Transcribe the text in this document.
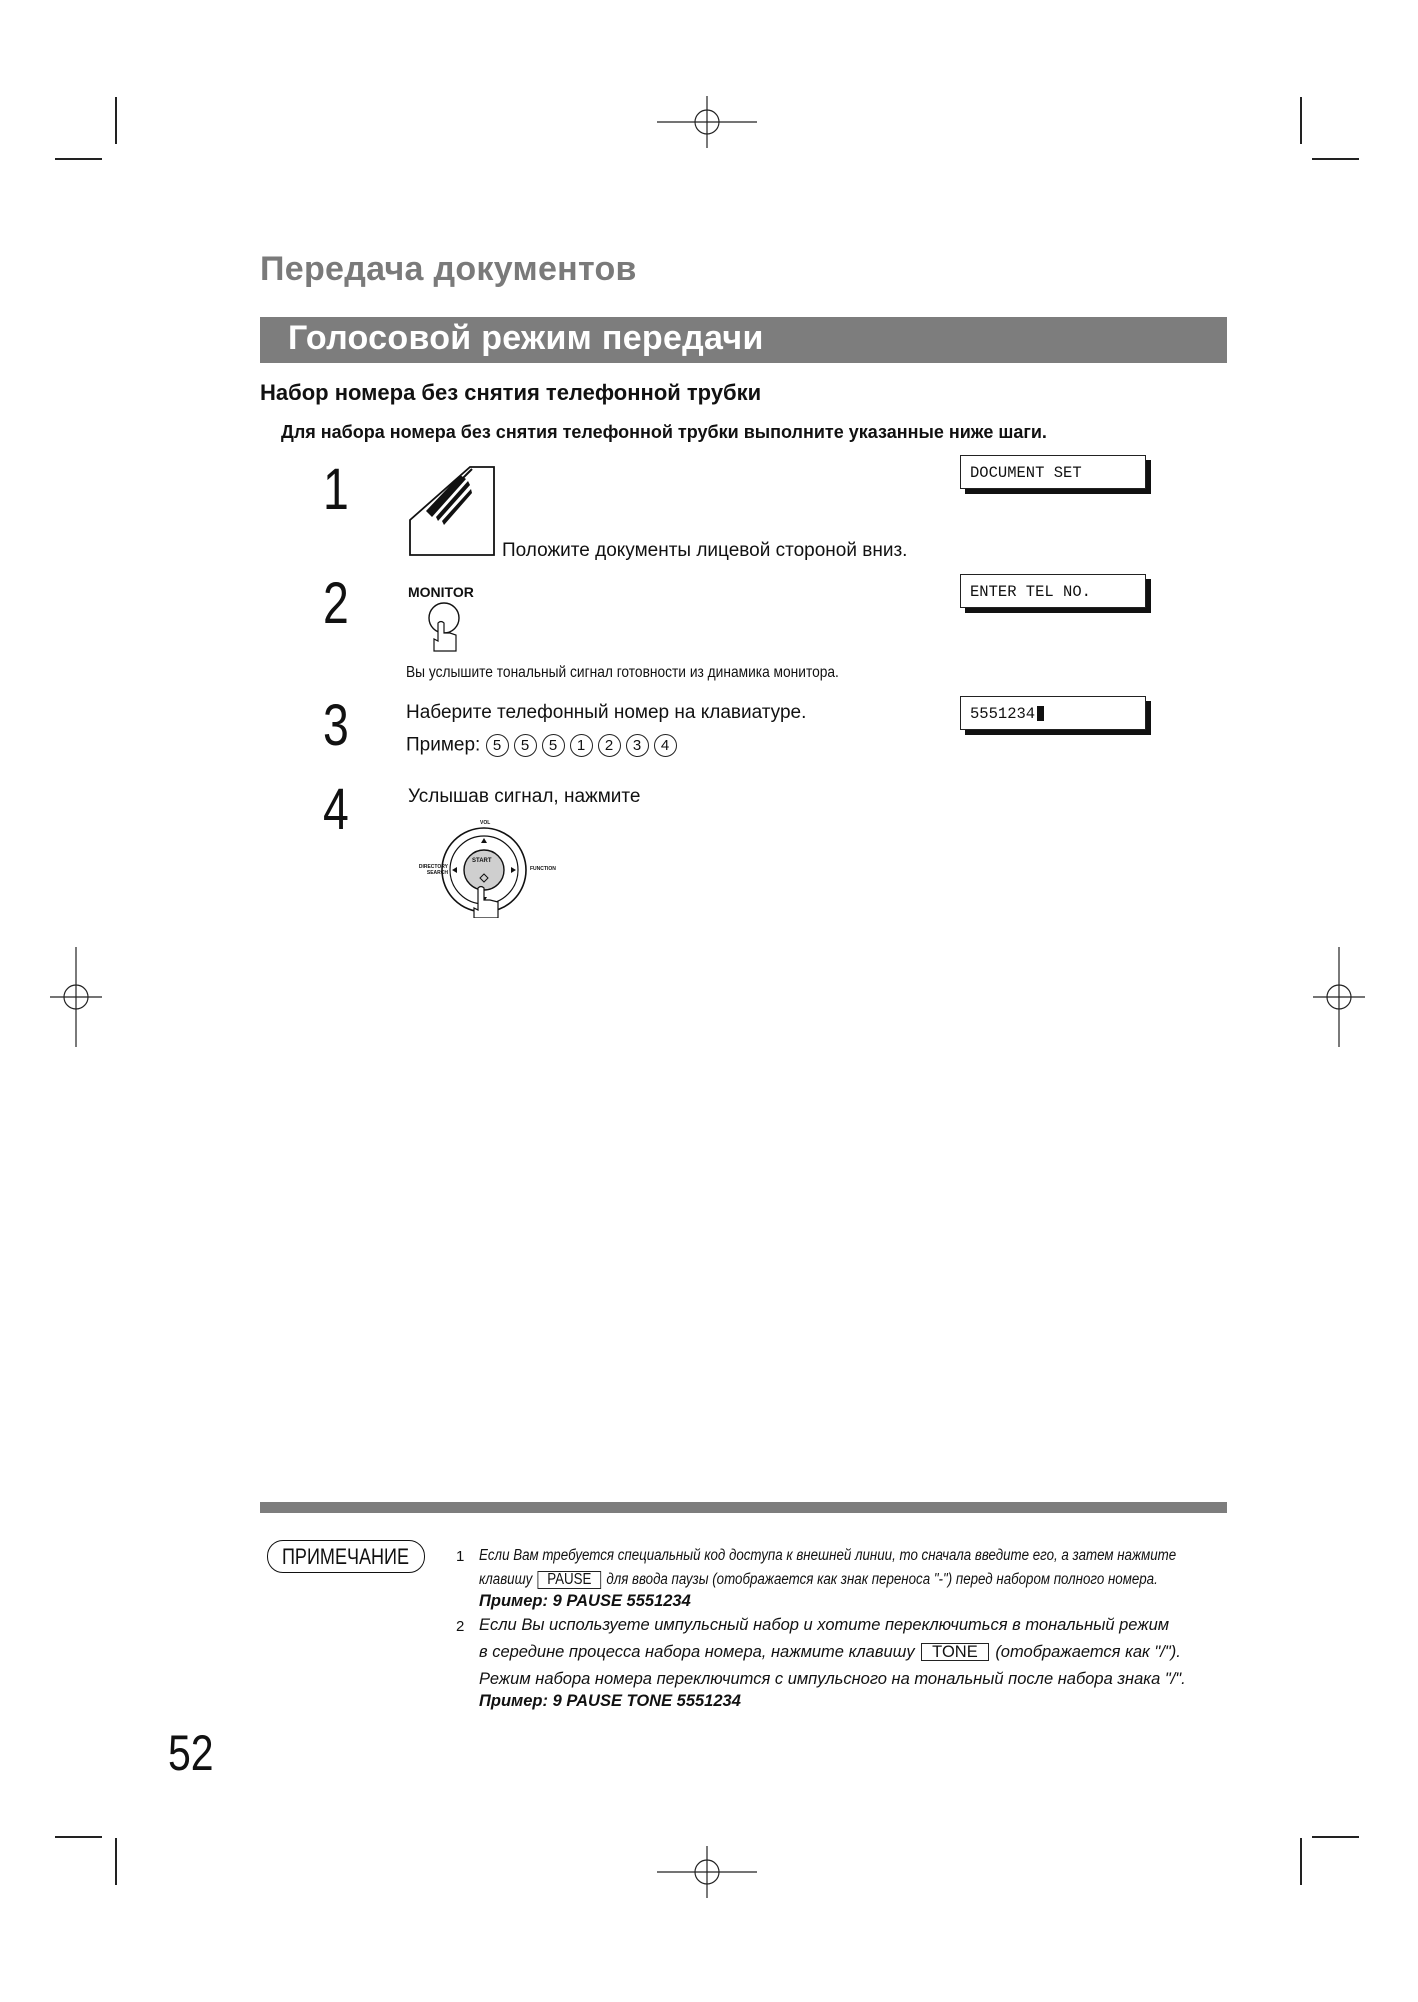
Передача документов
Голосовой режим передачи
Набор номера без снятия телефонной трубки
Для набора номера без снятия телефонной трубки выполните указанные ниже шаги.
1
Положите документы лицевой стороной вниз.
DOCUMENT SET
2	MONITOR
Вы услышите тональный сигнал готовности из динамика монитора.
ENTER TEL NO.
3	Наберите телефонный номер на клавиатуре.
Пример: 5 5 5 1 2 3 4
5551234
4	Услышав сигнал, нажмите
START
DIRECTORY SEARCH
FUNCTION
VOL
ПРИМЕЧАНИЕ	1 Если Вам требуется специальный код доступа к внешней линии, то сначала введите его, а затем нажмите
клавишу PAUSE для ввода паузы (отображается как знак переноса "-") перед набором полного номера.
Пример: 9 PAUSE 5551234
2 Если Вы используете импульсный набор и хотите переключиться в тональный режим
в середине процесса набора номера, нажмите клавишу TONE (отображается как "/").
Режим набора номера переключится с импульсного на тональный после набора знака "/".
Пример: 9 PAUSE TONE 5551234
52
